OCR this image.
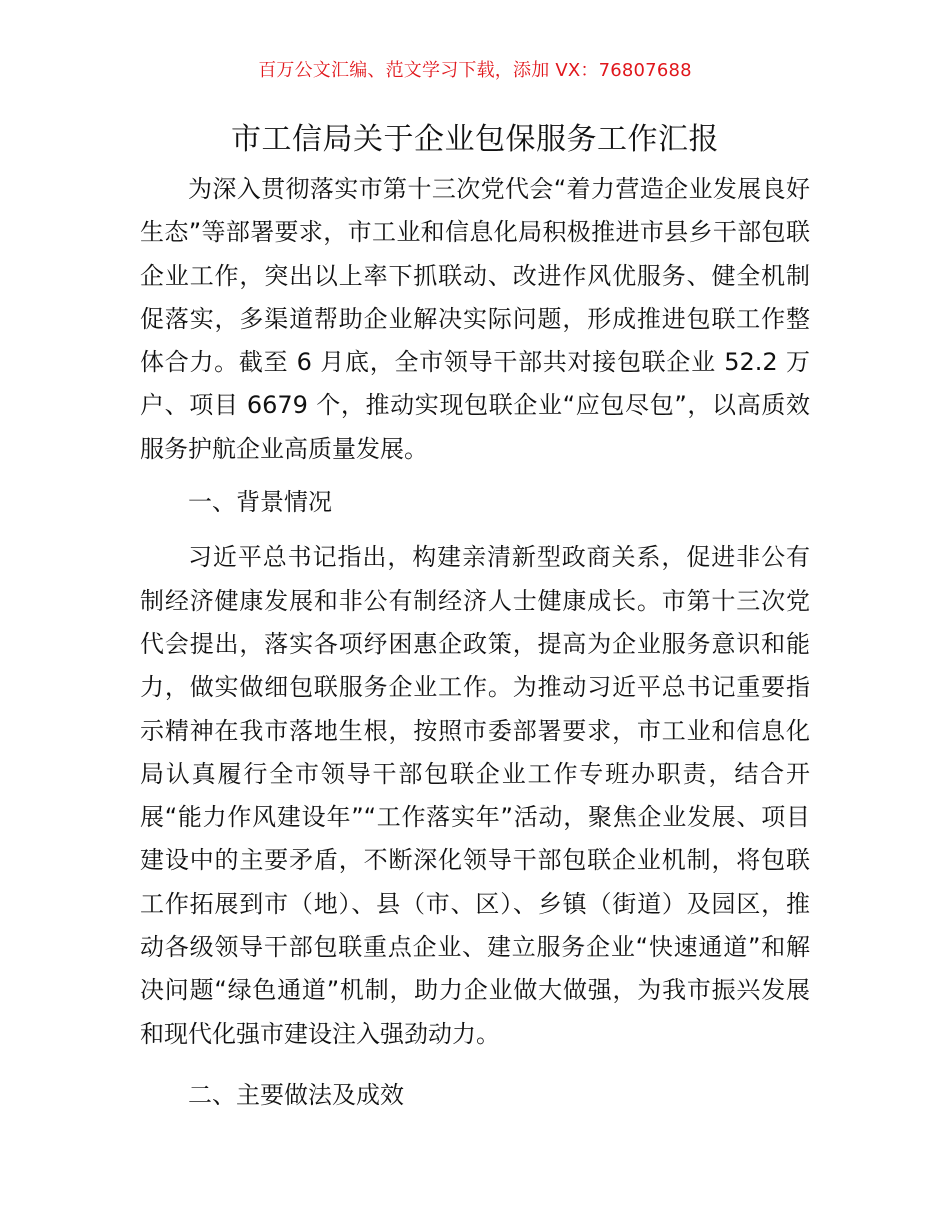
百万公文汇编、范文学习下载，添加 VX：76807688
市工信局关于企业包保服务工作汇报

为深入贯彻落实市第十三次党代会“着力营造企业发展良好生态”等部署要求，市工业和信息化局积极推进市县乡干部包联企业工作，突出以上率下抓联动、改进作风优服务、健全机制促落实，多渠道帮助企业解决实际问题，形成推进包联工作整体合力。截至 6 月底，全市领导干部共对接包联企业 52.2 万户、项目 6679 个，推动实现包联企业“应包尽包”，以高质效服务护航企业高质量发展。

一、背景情况

习近平总书记指出，构建亲清新型政商关系，促进非公有制经济健康发展和非公有制经济人士健康成长。市第十三次党代会提出，落实各项纾困惠企政策，提高为企业服务意识和能力，做实做细包联服务企业工作。为推动习近平总书记重要指示精神在我市落地生根，按照市委部署要求，市工业和信息化局认真履行全市领导干部包联企业工作专班办职责，结合开展“能力作风建设年”“工作落实年”活动，聚焦企业发展、项目建设中的主要矛盾，不断深化领导干部包联企业机制，将包联工作拓展到市（地）、县（市、区）、乡镇（街道）及园区，推动各级领导干部包联重点企业、建立服务企业“快速通道”和解决问题“绿色通道”机制，助力企业做大做强，为我市振兴发展和现代化强市建设注入强劲动力。

二、主要做法及成效
